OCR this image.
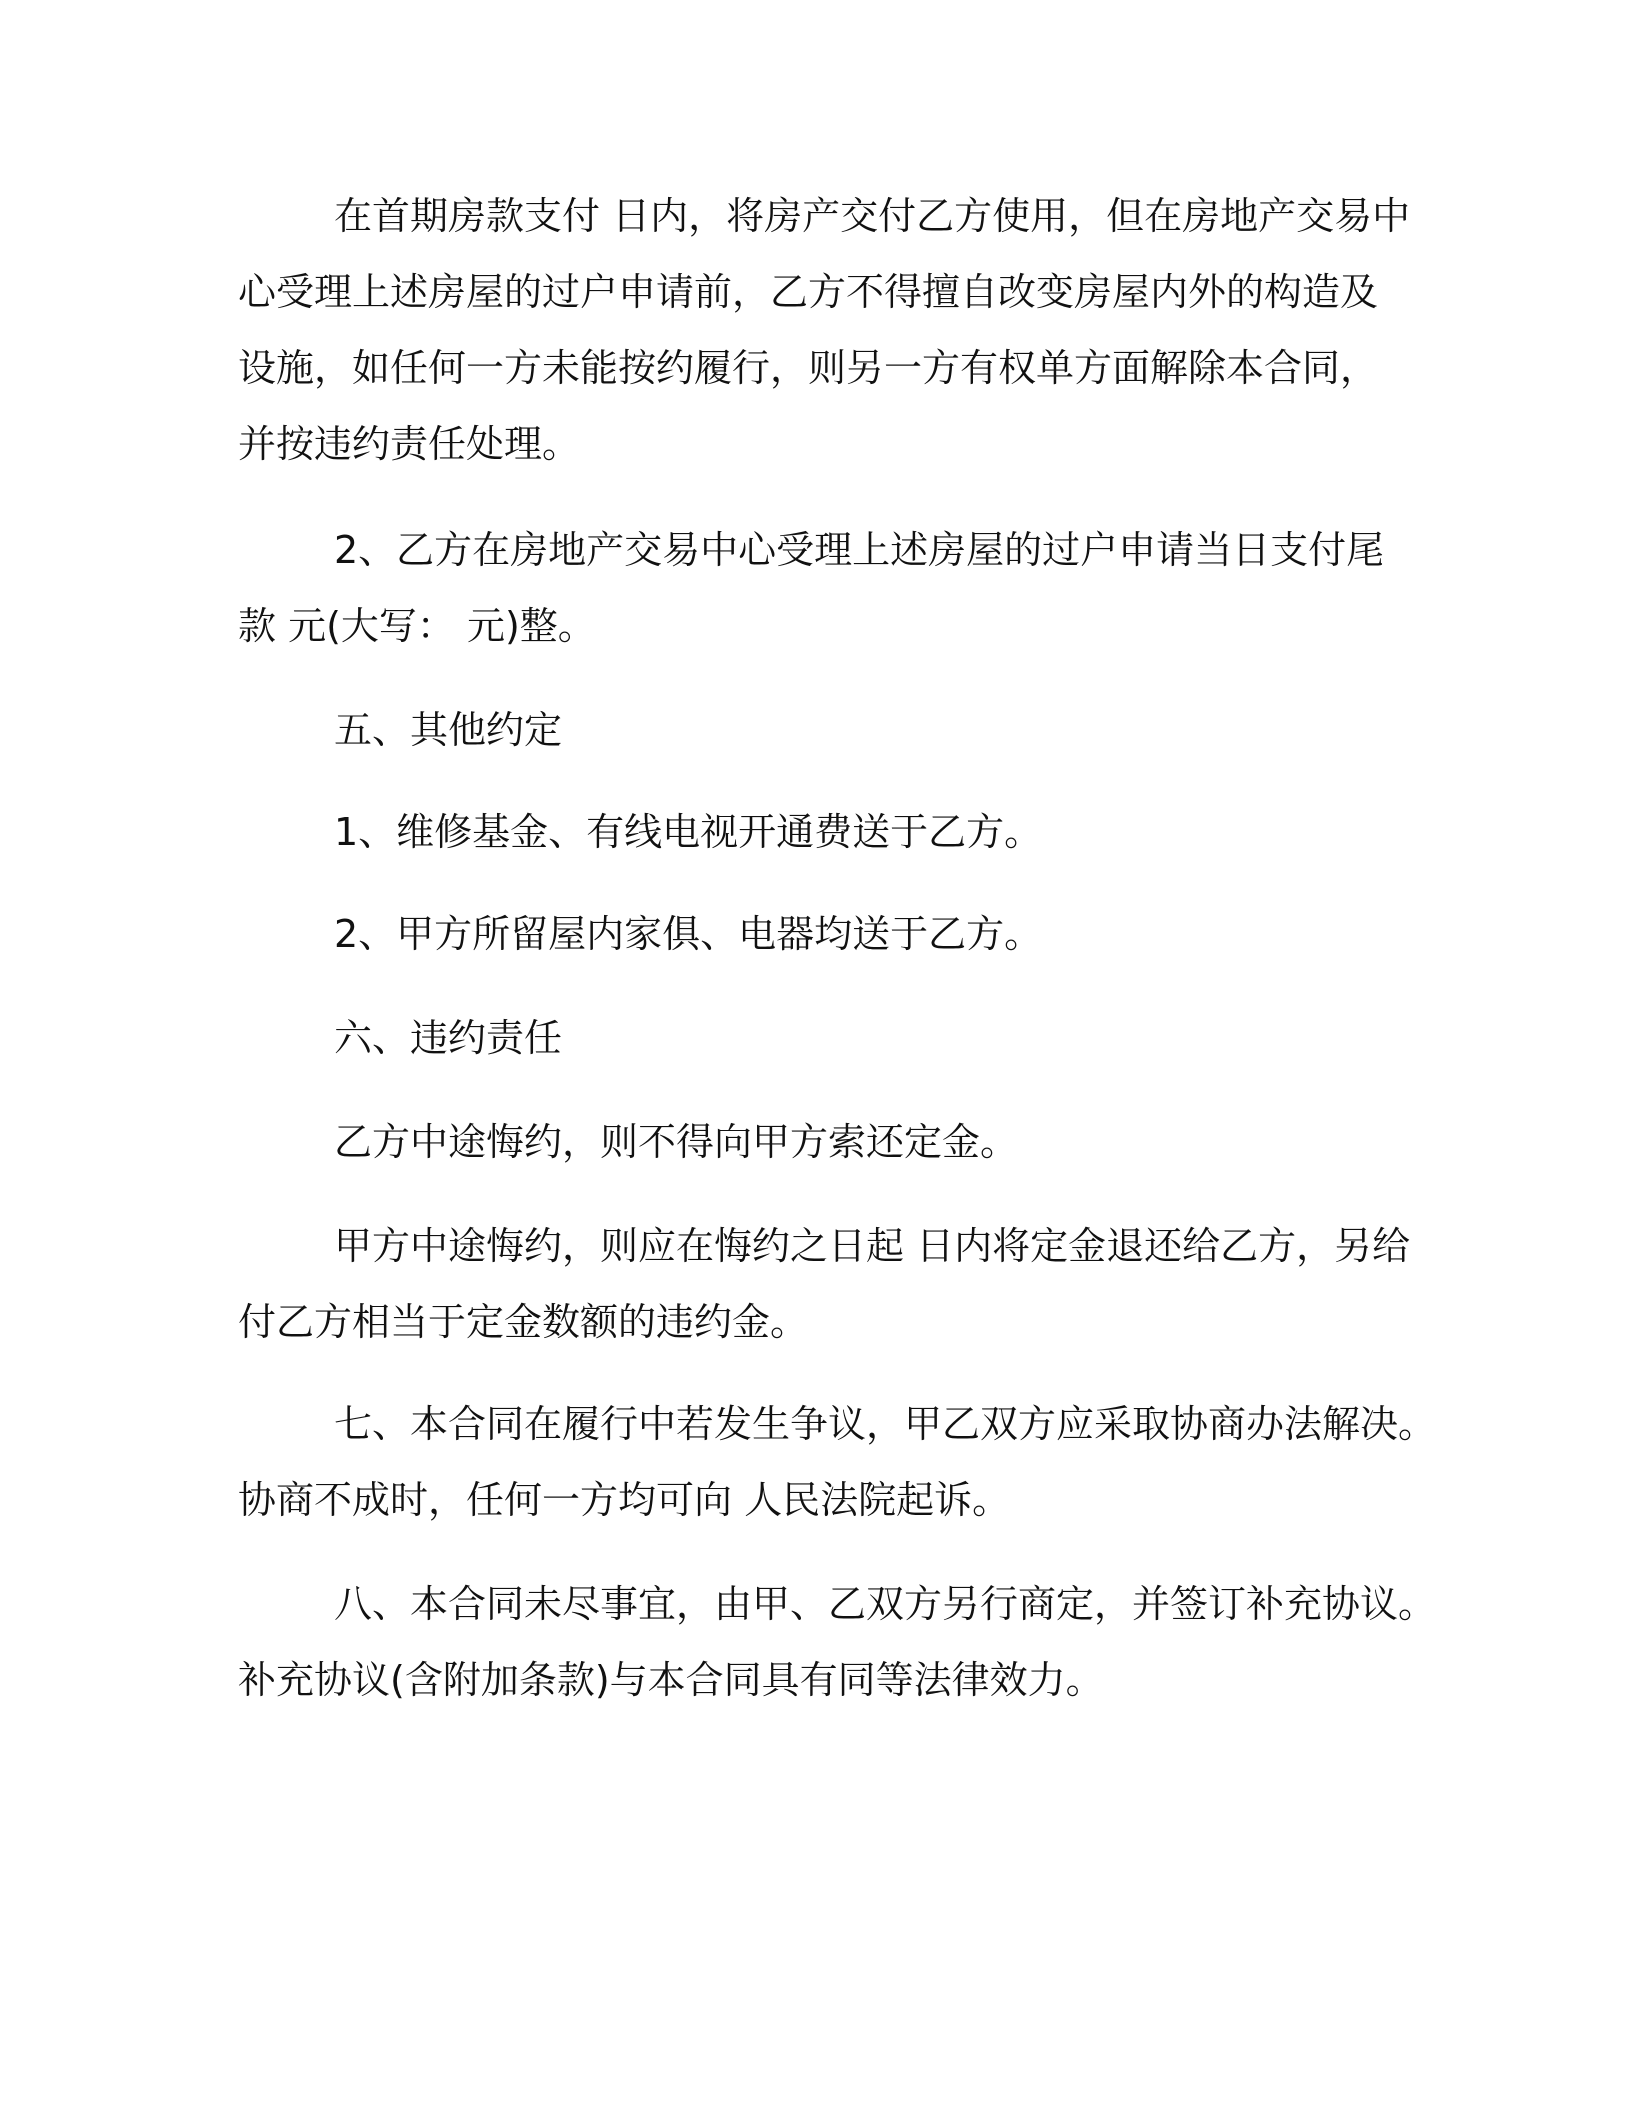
在首期房款支付 日内，将房产交付乙方使用，但在房地产交易中
心受理上述房屋的过户申请前，乙方不得擅自改变房屋内外的构造及
设施，如任何一方未能按约履行，则另一方有权单方面解除本合同，
并按违约责任处理。

2、乙方在房地产交易中心受理上述房屋的过户申请当日支付尾
款 元(大写： 元)整。

五、其他约定

1、维修基金、有线电视开通费送于乙方。

2、甲方所留屋内家俱、电器均送于乙方。

六、违约责任

乙方中途悔约，则不得向甲方索还定金。

甲方中途悔约，则应在悔约之日起 日内将定金退还给乙方，另给
付乙方相当于定金数额的违约金。

七、本合同在履行中若发生争议，甲乙双方应采取协商办法解决。
协商不成时，任何一方均可向 人民法院起诉。

八、本合同未尽事宜，由甲、乙双方另行商定，并签订补充协议。
补充协议(含附加条款)与本合同具有同等法律效力。
